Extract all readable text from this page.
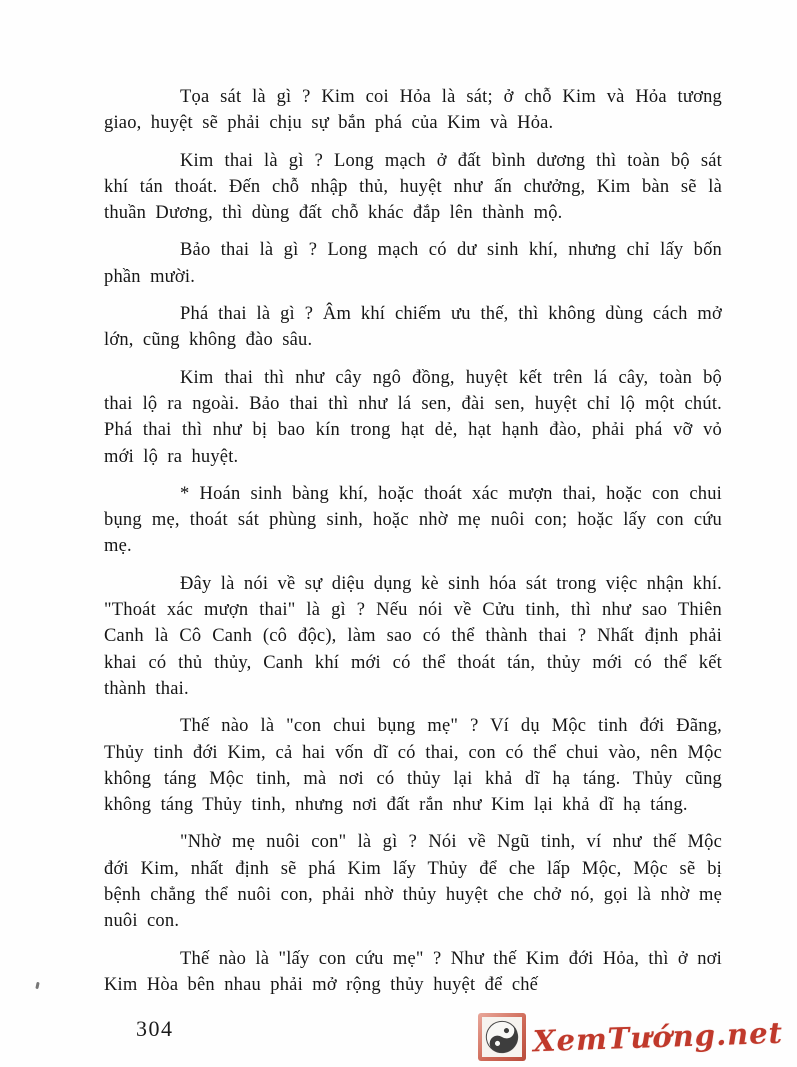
Tọa sát là gì ? Kim coi Hỏa là sát; ở chỗ Kim và Hỏa tương giao, huyệt sẽ phải chịu sự bắn phá của Kim và Hỏa.

Kim thai là gì ? Long mạch ở đất bình dương thì toàn bộ sát khí tán thoát. Đến chỗ nhập thủ, huyệt như ấn chưởng, Kim bàn sẽ là thuần Dương, thì dùng đất chỗ khác đắp lên thành mộ.

Bảo thai là gì ? Long mạch có dư sinh khí, nhưng chỉ lấy bốn phần mười.

Phá thai là gì ? Âm khí chiếm ưu thế, thì không dùng cách mở lớn, cũng không đào sâu.

Kim thai thì như cây ngô đồng, huyệt kết trên lá cây, toàn bộ thai lộ ra ngoài. Bảo thai thì như lá sen, đài sen, huyệt chỉ lộ một chút. Phá thai thì như bị bao kín trong hạt dẻ, hạt hạnh đào, phải phá vỡ vỏ mới lộ ra huyệt.

* Hoán sinh bàng khí, hoặc thoát xác mượn thai, hoặc con chui bụng mẹ, thoát sát phùng sinh, hoặc nhờ mẹ nuôi con; hoặc lấy con cứu mẹ.

Đây là nói về sự diệu dụng kè sinh hóa sát trong việc nhận khí. "Thoát xác mượn thai" là gì ? Nếu nói về Cửu tinh, thì như sao Thiên Canh là Cô Canh (cô độc), làm sao có thể thành thai ? Nhất định phải khai có thủ thủy, Canh khí mới có thể thoát tán, thủy mới có thể kết thành thai.

Thế nào là "con chui bụng mẹ" ? Ví dụ Mộc tinh đới Đãng, Thủy tinh đới Kim, cả hai vốn dĩ có thai, con có thể chui vào, nên Mộc không táng Mộc tinh, mà nơi có thủy lại khả dĩ hạ táng. Thủy cũng không táng Thủy tinh, nhưng nơi đất rắn như Kim lại khả dĩ hạ táng.

"Nhờ mẹ nuôi con" là gì ? Nói về Ngũ tinh, ví như thế Mộc đới Kim, nhất định sẽ phá Kim lấy Thủy để che lấp Mộc, Mộc sẽ bị bệnh chẳng thể nuôi con, phải nhờ thủy huyệt che chở nó, gọi là nhờ mẹ nuôi con.

Thế nào là "lấy con cứu mẹ" ? Như thế Kim đới Hỏa, thì ở nơi Kim Hòa bên nhau phải mở rộng thủy huyệt để chế

304	XemTướng.net
